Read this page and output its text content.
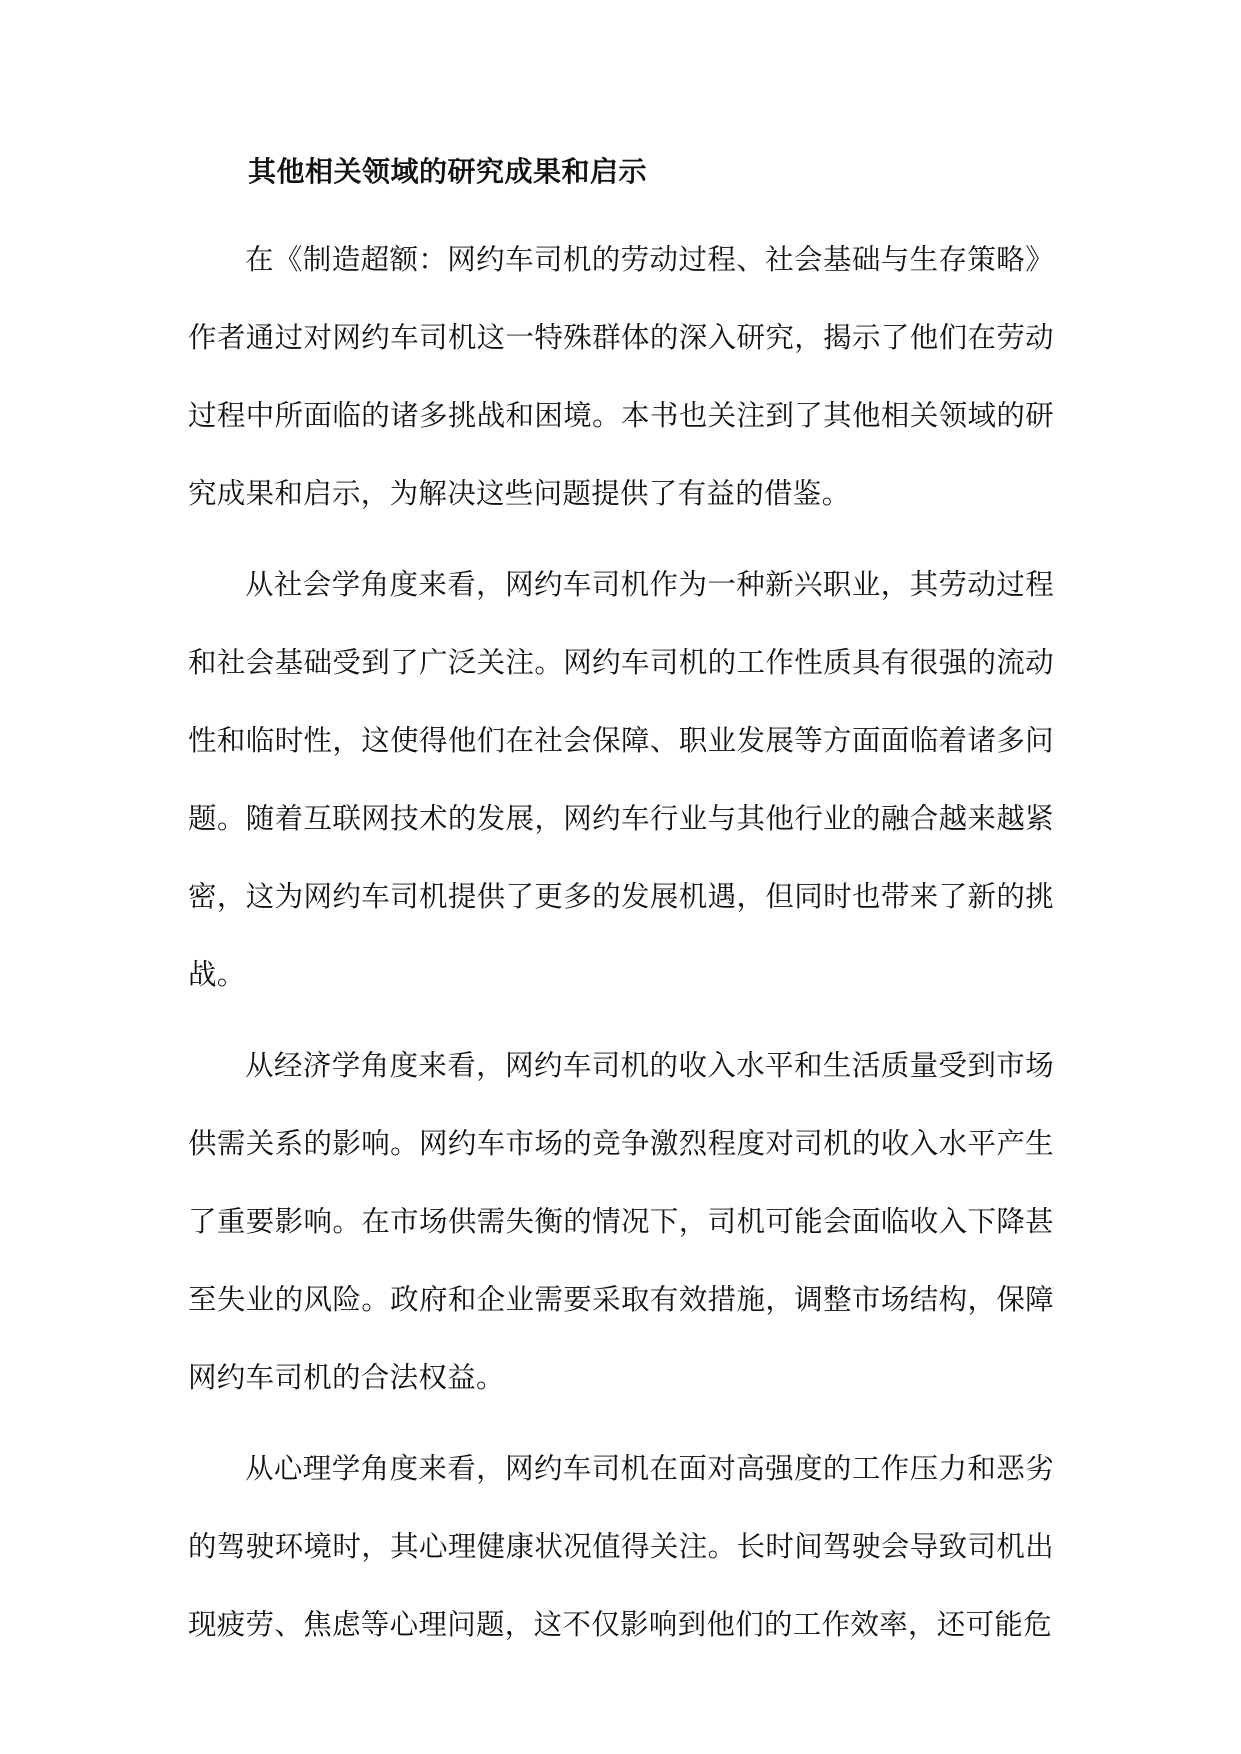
其他相关领域的研究成果和启示

在《制造超额：网约车司机的劳动过程、社会基础与生存策略》作者通过对网约车司机这一特殊群体的深入研究，揭示了他们在劳动过程中所面临的诸多挑战和困境。本书也关注到了其他相关领域的研究成果和启示，为解决这些问题提供了有益的借鉴。

从社会学角度来看，网约车司机作为一种新兴职业，其劳动过程和社会基础受到了广泛关注。网约车司机的工作性质具有很强的流动性和临时性，这使得他们在社会保障、职业发展等方面面临着诸多问题。随着互联网技术的发展，网约车行业与其他行业的融合越来越紧密，这为网约车司机提供了更多的发展机遇，但同时也带来了新的挑战。

从经济学角度来看，网约车司机的收入水平和生活质量受到市场供需关系的影响。网约车市场的竞争激烈程度对司机的收入水平产生了重要影响。在市场供需失衡的情况下，司机可能会面临收入下降甚至失业的风险。政府和企业需要采取有效措施，调整市场结构，保障网约车司机的合法权益。

从心理学角度来看，网约车司机在面对高强度的工作压力和恶劣的驾驶环境时，其心理健康状况值得关注。长时间驾驶会导致司机出现疲劳、焦虑等心理问题，这不仅影响到他们的工作效率，还可能危
